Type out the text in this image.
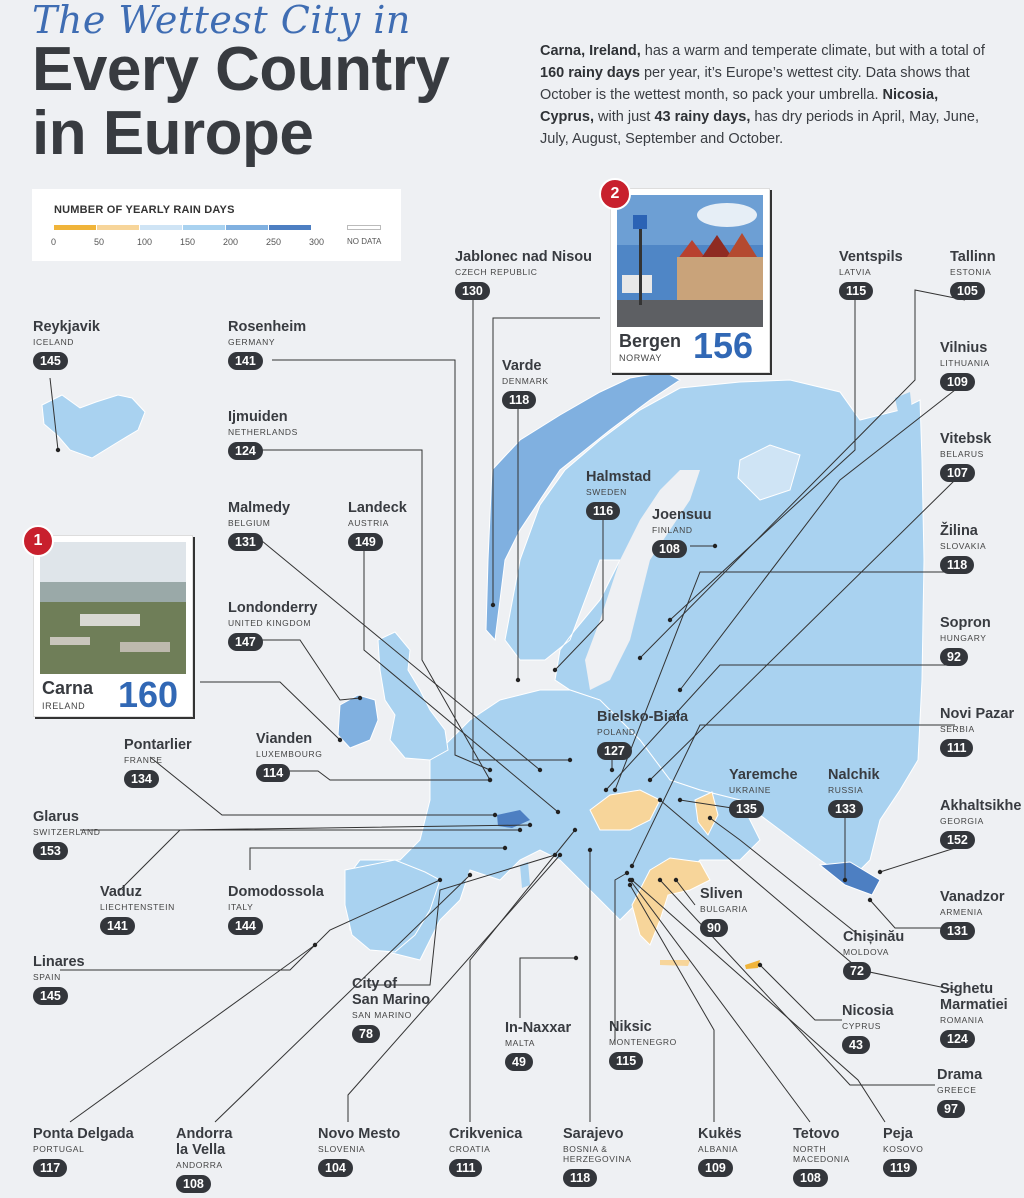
The Wettest City in
Every Country
in Europe
Carna, Ireland, has a warm and temperate climate, but with a total of 160 rainy days per year, it’s Europe’s wettest city. Data shows that October is the wettest month, so pack your umbrella. Nicosia, Cyprus, with just 43 rainy days, has dry periods in April, May, June, July, August, September and October.
NUMBER OF YEARLY RAIN DAYS
NO DATA
0	50	100	150	200	250	300
Carna
IRELAND 160
1
Bergen
NORWAY 156
2
Reykjavik
ICELAND
145
Rosenheim
GERMANY
141
Jablonec nad Nisou
CZECH REPUBLIC
130
Varde
DENMARK
118
Ventspils
LATVIA
115
Tallinn
ESTONIA
105
Vilnius
LITHUANIA
109
Ijmuiden
NETHERLANDS
124
Vitebsk
BELARUS
107
Halmstad
SWEDEN
116	Joensuu
FINLAND
108
Malmedy
BELGIUM
131
Landeck
AUSTRIA
149
Žilina
SLOVAKIA
118
Londonderry
UNITED KINGDOM
147
Sopron
HUNGARY
92
Bielsko-Biała
POLAND
127
Novi Pazar
SERBIA
111
Vianden
LUXEMBOURG
114
Pontarlier
FRANCE
134	Yaremche
UKRAINE
135
Nalchik
RUSSIA
133	Akhaltsikhe
GEORGIA
152
Glarus
SWITZERLAND
153
Domodossola
ITALY
144
Vaduz
LIECHTENSTEIN
141
Sliven
BULGARIA
90
Vanadzor
ARMENIA
131
Chișinău
MOLDOVA
72
Linares
SPAIN
145
City of
San Marino
SAN MARINO
78
Sighetu
Marmatiei
ROMANIA
124
In-Naxxar
MALTA
49
Niksic
MONTENEGRO
115
Nicosia
CYPRUS
43
Drama
GREECE
97
Ponta Delgada
PORTUGAL
117
Andorra
la Vella
ANDORRA
108
Novo Mesto
SLOVENIA
104
Crikvenica
CROATIA
111
Sarajevo
BOSNIA &
HERZEGOVINA
118
Kukës
ALBANIA
109
Tetovo
NORTH
MACEDONIA
108
Peja
KOSOVO
119
